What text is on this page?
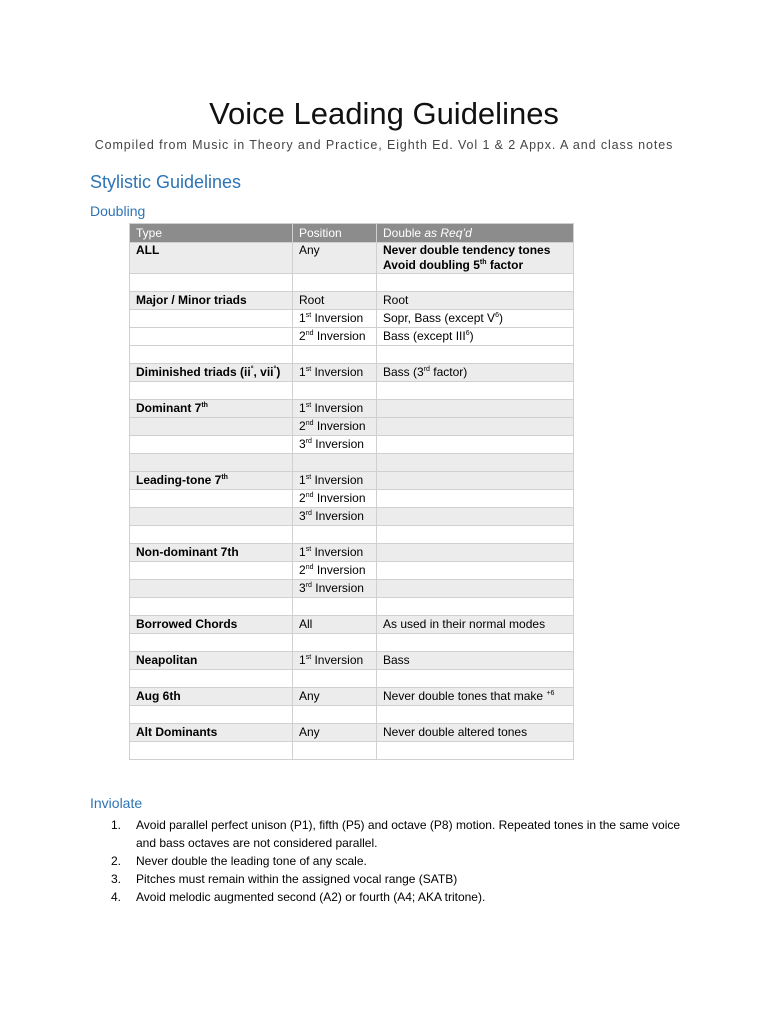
Voice Leading Guidelines
Compiled from Music in Theory and Practice, Eighth Ed. Vol 1 & 2 Appx. A and class notes
Stylistic Guidelines
Doubling
Type	Position	Double as Req’d
ALL	Any	Never double tendency tones
Avoid doubling 5th factor

Major / Minor triads	Root	Root
	1st Inversion	Sopr, Bass (except $V^6$)
	2nd Inversion	Bass (except III$^6$)

Diminished triads (ii°, vii°)	1st Inversion	Bass (3rd factor)

Dominant 7th	1st Inversion	
	2nd Inversion	
	3rd Inversion	

Leading-tone 7th	1st Inversion	
	2nd Inversion	
	3rd Inversion	

Non-dominant 7th	1st Inversion	
	2nd Inversion	
	3rd Inversion	

Borrowed Chords	All	As used in their normal modes

Neapolitan	1st Inversion	Bass

Aug 6th	Any	Never double tones that make $^{+6}$

Alt Dominants	Any	Never double altered tones

Inviolate
1. Avoid parallel perfect unison (P1), fifth (P5) and octave (P8) motion. Repeated tones in the same voice and bass octaves are not considered parallel.
2. Never double the leading tone of any scale.
3. Pitches must remain within the assigned vocal range (SATB)
4. Avoid melodic augmented second (A2) or fourth (A4; AKA tritone).
